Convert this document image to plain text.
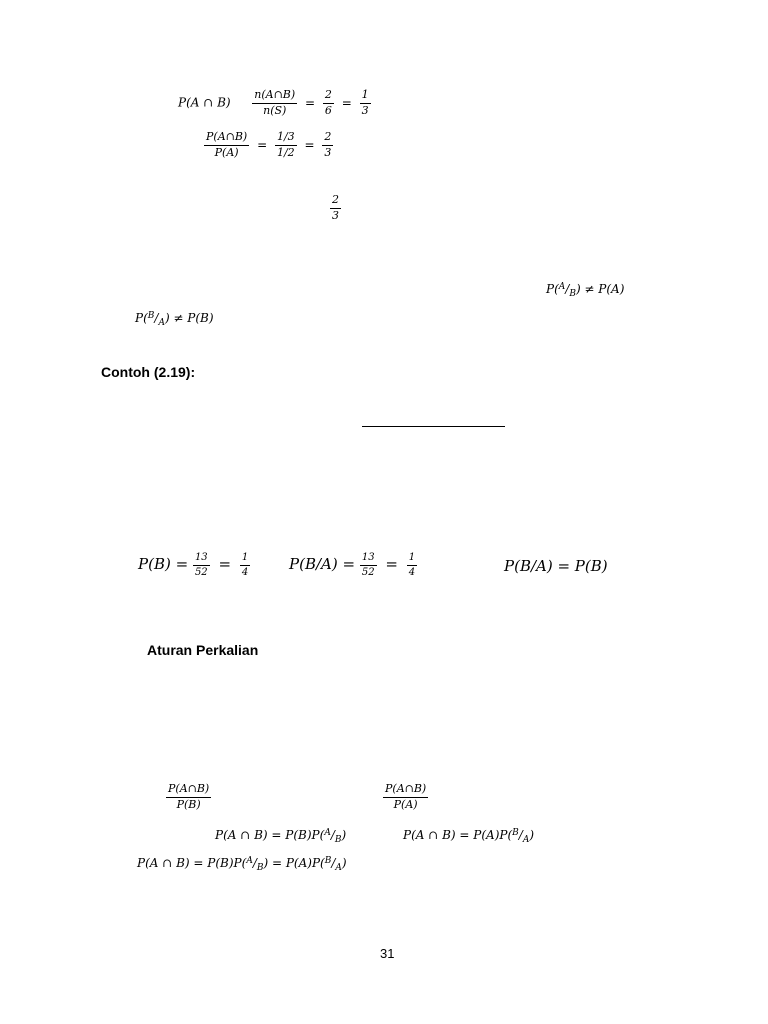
P(A ∩ $B) \frac{n(A\cap B)}{n(S)} = \frac{2}{6} = \frac{1}{3}$
$\frac{P(A\cap B)}{P(A)} = \frac{1/3}{1/2} = \frac{2}{3}$
$\frac{2}{3}$
$P(^A/_B) \ne P(A)$
$P(^B/_A) \ne P(B)$
Contoh (2.19):
$P(B) = \frac{13}{52} = \frac{1}{4}$	$P(B/A) = \frac{13}{52} = \frac{1}{4}$	P(B/A) = P(B)
Aturan Perkalian
$\frac{P(A\cap B)}{P(B)}$	$\frac{P(A\cap B)}{P(A)}$
P(A ∩ $B) = P(B)P(^A/_B)$	P(A ∩ $B) = P(A)P(^B/_A)$
P(A ∩ $B) = P(B)P(^A/_B) = P(A)P(^B/_A)$
31
